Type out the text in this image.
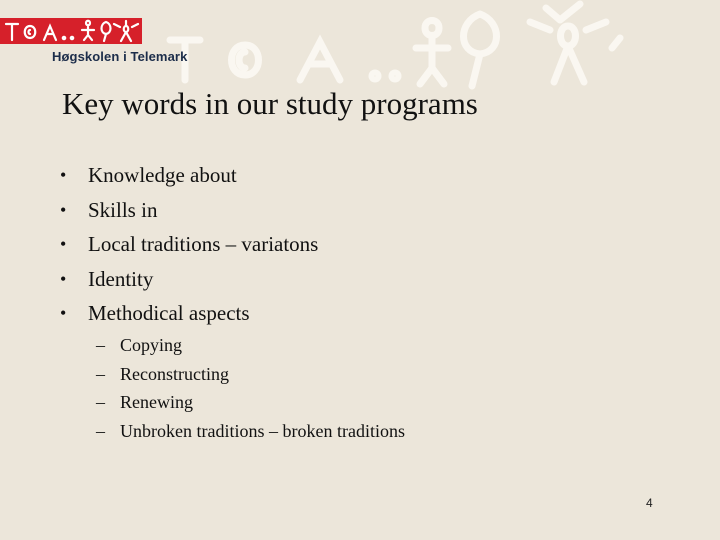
Høgskolen i Telemark
Key words in our study programs
•	Knowledge about
•	Skills in
•	Local traditions – variatons
•	Identity
•	Methodical aspects
– Copying
– Reconstructing
– Renewing
– Unbroken traditions – broken traditions
4
